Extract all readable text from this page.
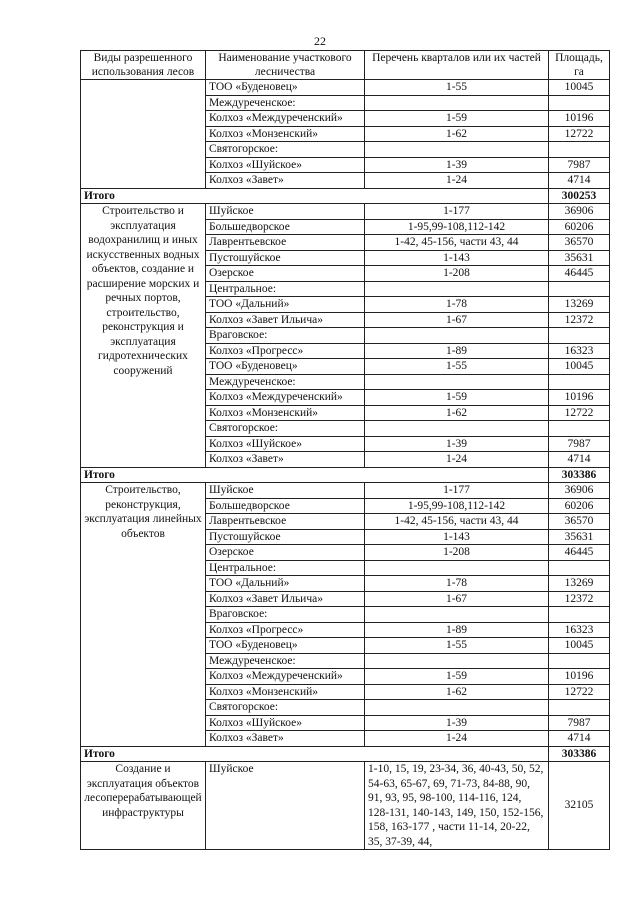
22
Виды разрешенного использования лесов	Наименование участкового лесничества	Перечень кварталов или их частей	Площадь, га
	ТОО «Буденовец»	1-55	10045
	Междуреченское:		
	Колхоз «Междуреченский»	1-59	10196
	Колхоз «Монзенский»	1-62	12722
	Святогорское:		
	Колхоз «Шуйское»	1-39	7987
	Колхоз «Завет»	1-24	4714
Итого			300253
Строительство и эксплуатация водохранилищ и иных искусственных водных объектов, создание и расширение морских и речных портов, строительство, реконструкция и эксплуатация гидротехнических сооружений	Шуйское	1-177	36906
	Большедворское	1-95,99-108,112-142	60206
	Лаврентьевское	1-42, 45-156, части 43, 44	36570
	Пустошуйское	1-143	35631
	Озерское	1-208	46445
	Центральное:		
	ТОО «Дальний»	1-78	13269
	Колхоз «Завет Ильича»	1-67	12372
	Враговское:		
	Колхоз «Прогресс»	1-89	16323
	ТОО «Буденовец»	1-55	10045
	Междуреченское:		
	Колхоз «Междуреченский»	1-59	10196
	Колхоз «Монзенский»	1-62	12722
	Святогорское:		
	Колхоз «Шуйское»	1-39	7987
	Колхоз «Завет»	1-24	4714
Итого			303386
Строительство, реконструкция, эксплуатация линейных объектов	Шуйское	1-177	36906
	Большедворское	1-95,99-108,112-142	60206
	Лаврентьевское	1-42, 45-156, части 43, 44	36570
	Пустошуйское	1-143	35631
	Озерское	1-208	46445
	Центральное:		
	ТОО «Дальний»	1-78	13269
	Колхоз «Завет Ильича»	1-67	12372
	Враговское:		
	Колхоз «Прогресс»	1-89	16323
	ТОО «Буденовец»	1-55	10045
	Междуреченское:		
	Колхоз «Междуреченский»	1-59	10196
	Колхоз «Монзенский»	1-62	12722
	Святогорское:		
	Колхоз «Шуйское»	1-39	7987
	Колхоз «Завет»	1-24	4714
Итого			303386
Создание и эксплуатация объектов лесоперерабатывающей инфраструктуры	Шуйское	1-10, 15, 19, 23-34, 36, 40-43, 50, 52, 54-63, 65-67, 69, 71-73, 84-88, 90, 91, 93, 95, 98-100, 114-116, 124, 128-131, 140-143, 149, 150, 152-156, 158, 163-177 , части 11-14, 20-22, 35, 37-39, 44,	32105
